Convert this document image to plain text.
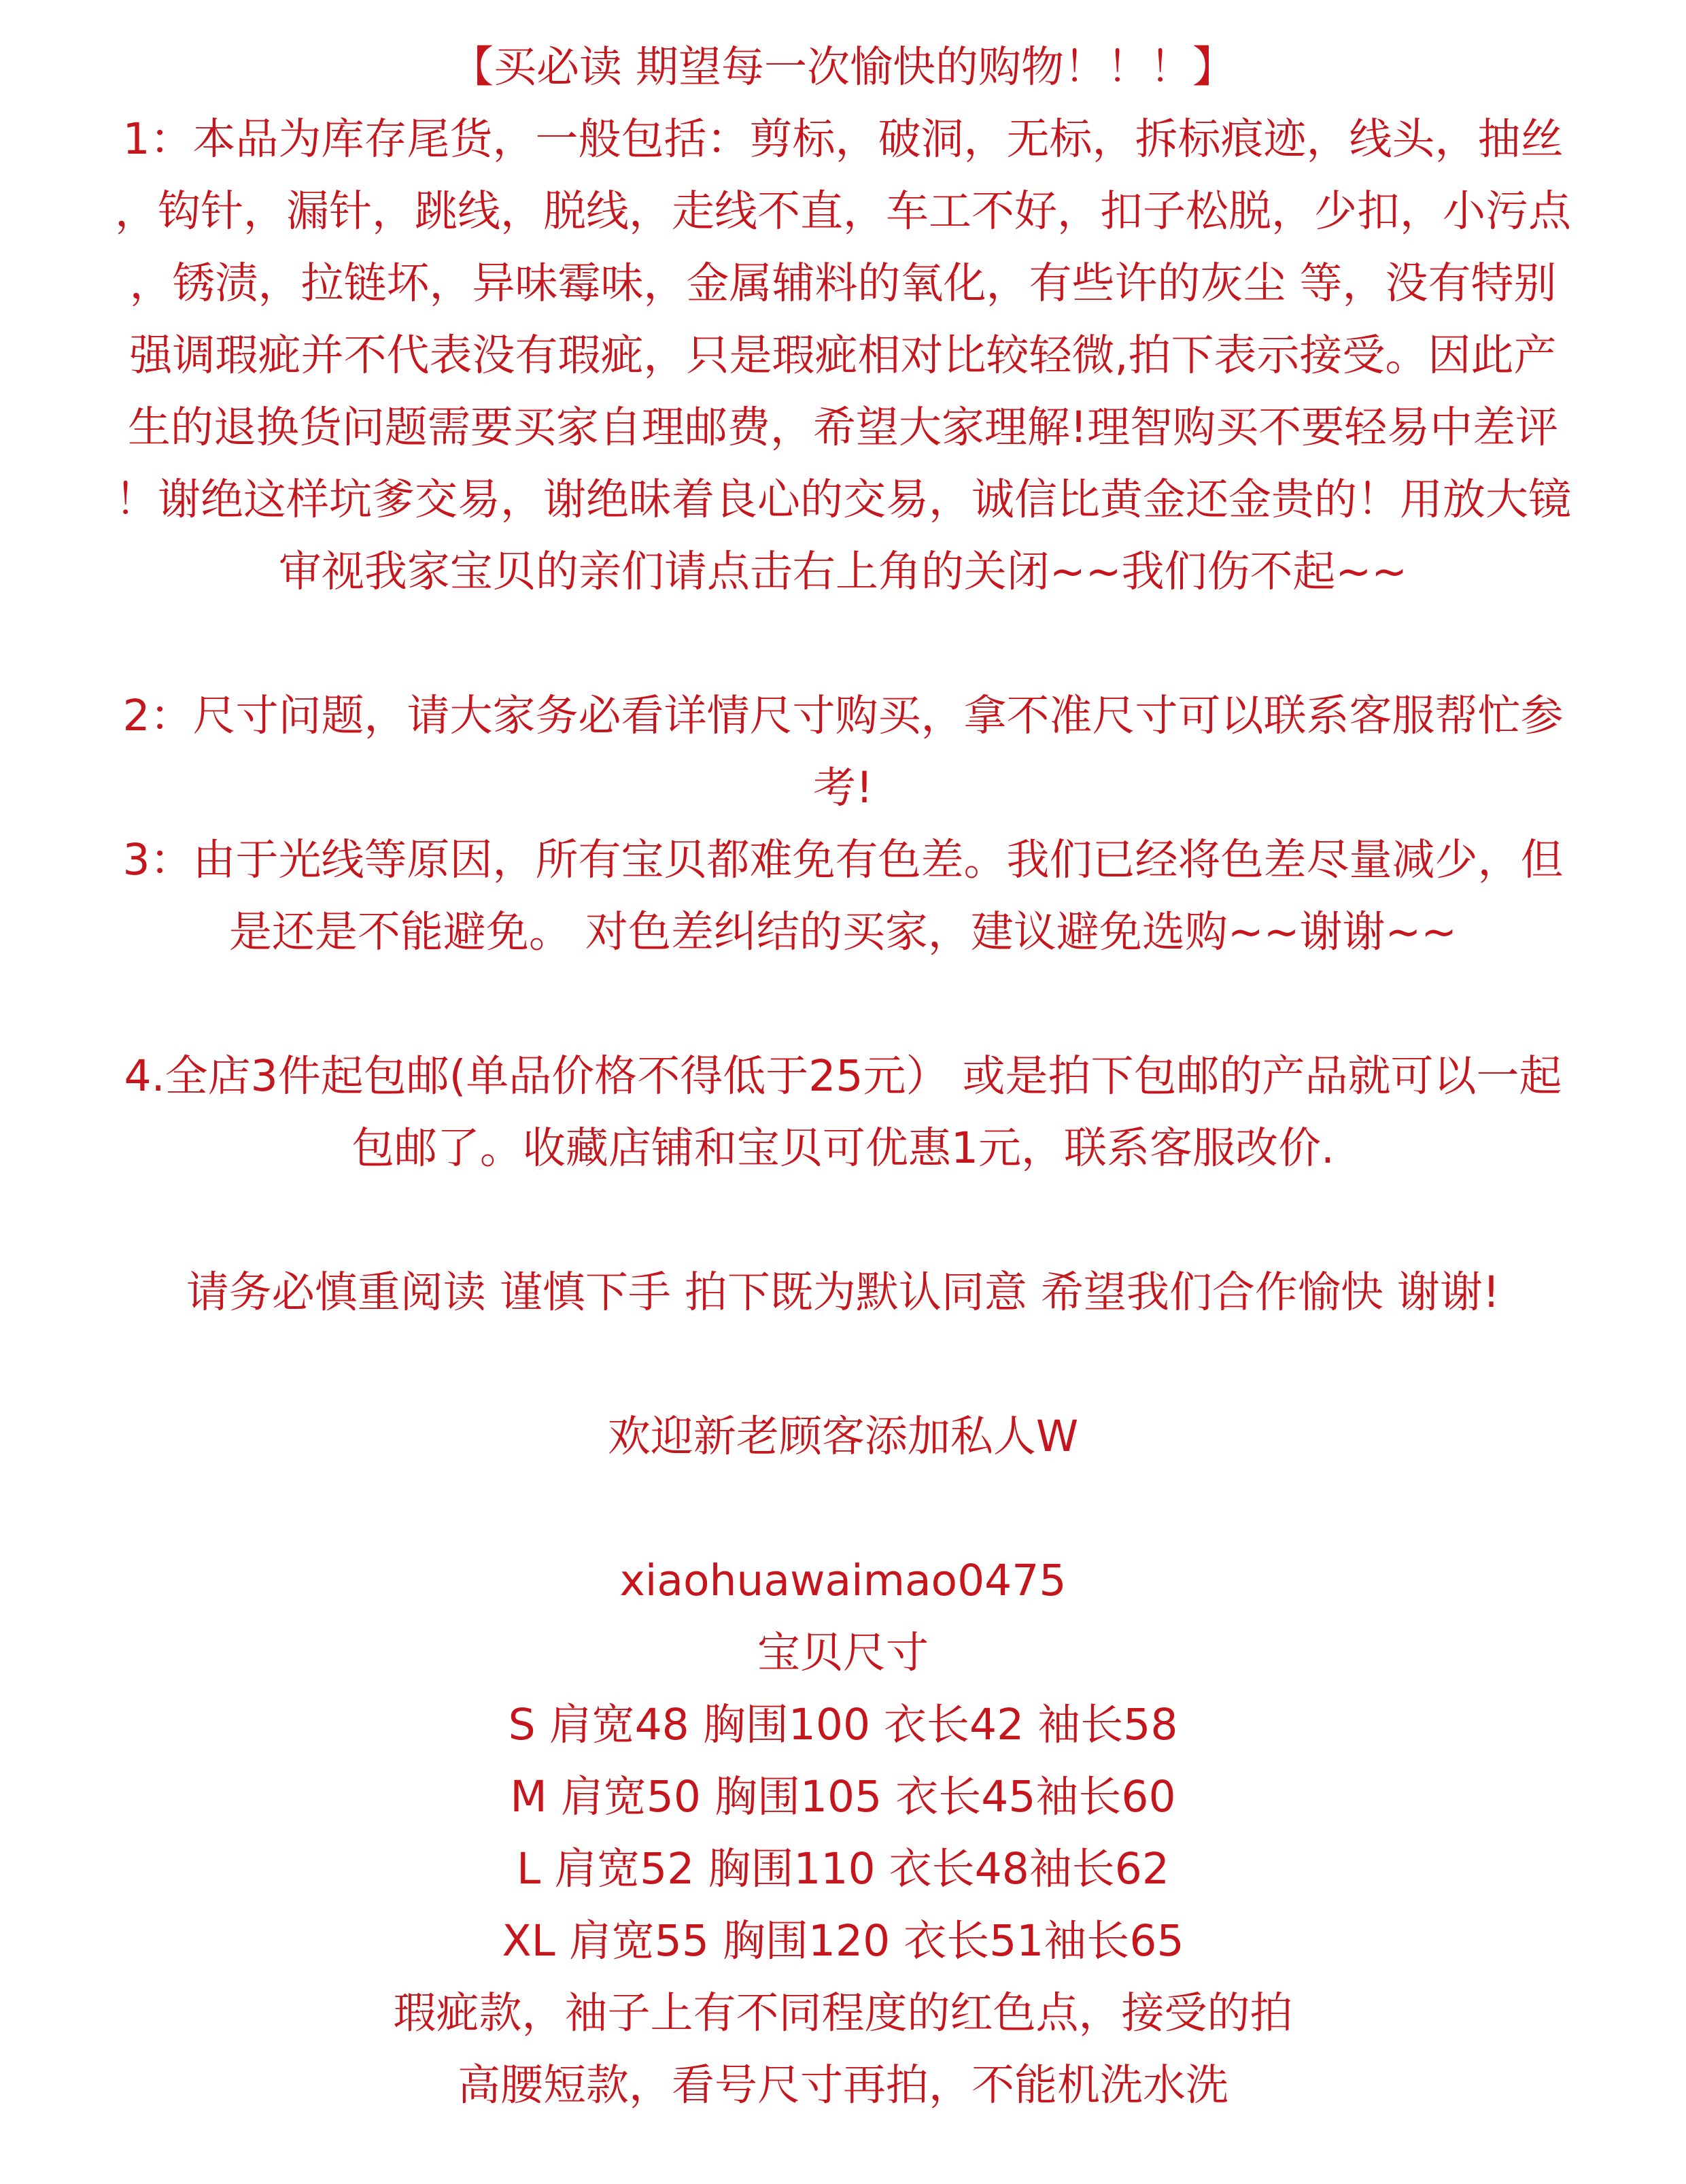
【买必读 期望每一次愉快的购物！！！】
1：本品为库存尾货，一般包括：剪标，破洞，无标，拆标痕迹，线头，抽丝
，钩针，漏针，跳线，脱线，走线不直，车工不好，扣子松脱，少扣，小污点
，锈渍，拉链坏，异味霉味，金属辅料的氧化，有些许的灰尘 等，没有特别
强调瑕疵并不代表没有瑕疵，只是瑕疵相对比较轻微,拍下表示接受。因此产
生的退换货问题需要买家自理邮费，希望大家理解!理智购买不要轻易中差评
！谢绝这样坑爹交易，谢绝昧着良心的交易，诚信比黄金还金贵的！用放大镜
审视我家宝贝的亲们请点击右上角的关闭~~我们伤不起~~
2：尺寸问题，请大家务必看详情尺寸购买，拿不准尺寸可以联系客服帮忙参
考!
3：由于光线等原因，所有宝贝都难免有色差。我们已经将色差尽量减少，但
是还是不能避免。 对色差纠结的买家，建议避免选购~~谢谢~~
4.全店3件起包邮(单品价格不得低于25元） 或是拍下包邮的产品就可以一起
包邮了。收藏店铺和宝贝可优惠1元，联系客服改价.
请务必慎重阅读 谨慎下手 拍下既为默认同意 希望我们合作愉快 谢谢!
欢迎新老顾客添加私人W
xiaohuawaimao0475
宝贝尺寸
S 肩宽48 胸围100 衣长42 袖长58
M 肩宽50 胸围105 衣长45袖长60
L 肩宽52 胸围110 衣长48袖长62
XL 肩宽55 胸围120 衣长51袖长65
瑕疵款，袖子上有不同程度的红色点，接受的拍
高腰短款，看号尺寸再拍，不能机洗水洗
